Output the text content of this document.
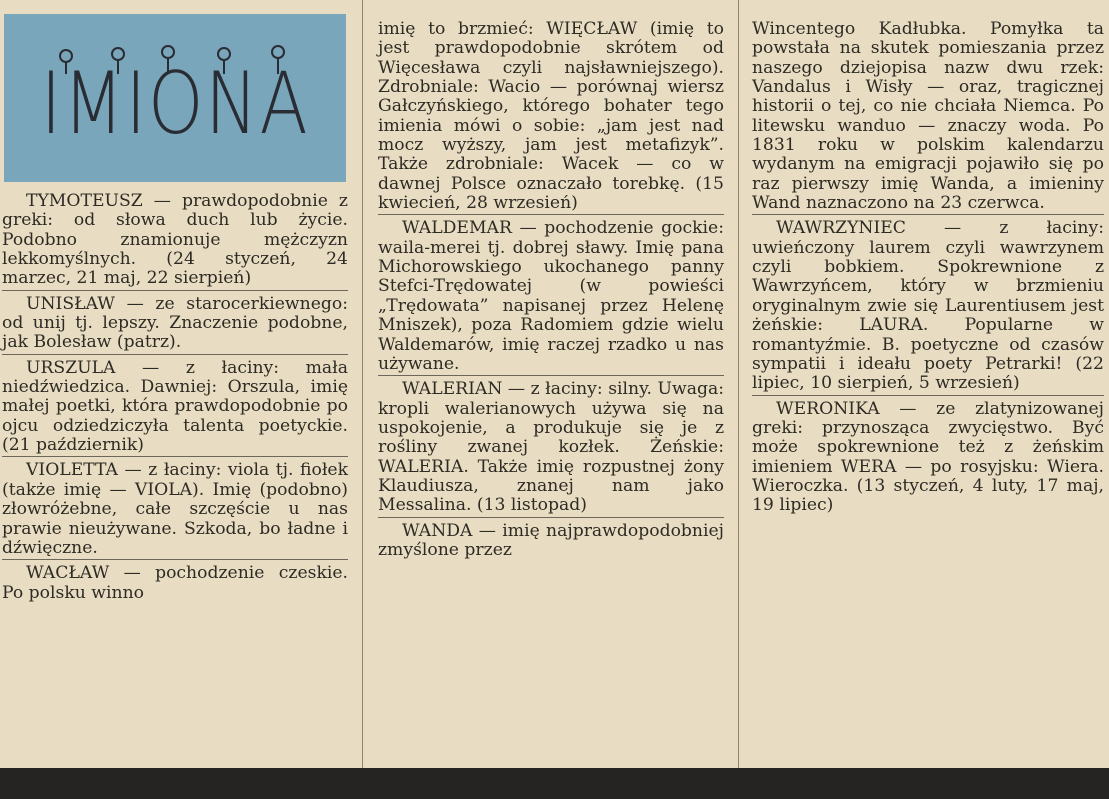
IMIONA

TYMOTEUSZ — prawdopodobnie z greki: od słowa duch lub życie. Podobno znamionuje mężczyzn lekkomyślnych. (24 styczeń, 24 marzec, 21 maj, 22 sierpień)

UNISŁAW — ze starocerkiewnego: od unij tj. lepszy. Znaczenie podobne, jak Bolesław (patrz).

URSZULA — z łaciny: mała niedźwiedzica. Dawniej: Orszula, imię małej poetki, która prawdopodobnie po ojcu odziedziczyła talenta poetyckie. (21 październik)

VIOLETTA — z łaciny: viola tj. fiołek (także imię — VIOLA). Imię (podobno) złowróżebne, całe szczęście u nas prawie nieużywane. Szkoda, bo ładne i dźwięczne.

WACŁAW — pochodzenie czeskie. Po polsku winno

imię to brzmieć: WIĘCŁAW (imię to jest prawdopodobnie skrótem od Więcesława czyli najsławniejszego). Zdrobniale: Wacio — porównaj wiersz Gałczyńskiego, którego bohater tego imienia mówi o sobie: „jam jest nad mocz wyższy, jam jest metafizyk”. Także zdrobniale: Wacek — co w dawnej Polsce oznaczało torebkę. (15 kwiecień, 28 wrzesień)

WALDEMAR — pochodzenie gockie: waila-merei tj. dobrej sławy. Imię pana Michorowskiego ukochanego panny Stefci-Trędowatej (w powieści „Trędowata” napisanej przez Helenę Mniszek), poza Radomiem gdzie wielu Waldemarów, imię raczej rzadko u nas używane.

WALERIAN — z łaciny: silny. Uwaga: kropli walerianowych używa się na uspokojenie, a produkuje się je z rośliny zwanej kozłek. Żeńskie: WALERIA. Także imię rozpustnej żony Klaudiusza, znanej nam jako Messalina. (13 listopad)

WANDA — imię najprawdopodobniej zmyślone przez

Wincentego Kadłubka. Pomyłka ta powstała na skutek pomieszania przez naszego dziejopisa nazw dwu rzek: Vandalus i Wisły — oraz, tragicznej historii o tej, co nie chciała Niemca. Po litewsku wanduo — znaczy woda. Po 1831 roku w polskim kalendarzu wydanym na emigracji pojawiło się po raz pierwszy imię Wanda, a imieniny Wand naznaczono na 23 czerwca.

WAWRZYNIEC — z łaciny: uwieńczony laurem czyli wawrzynem czyli bobkiem. Spokrewnione z Wawrzyńcem, który w brzmieniu oryginalnym zwie się Laurentiusem jest żeńskie: LAURA. Popularne w romantyźmie. B. poetyczne od czasów sympatii i ideału poety Petrarki! (22 lipiec, 10 sierpień, 5 wrzesień)

WERONIKA — ze zlatynizowanej greki: przynosząca zwycięstwo. Być może spokrewnione też z żeńskim imieniem WERA — po rosyjsku: Wiera. Wieroczka. (13 styczeń, 4 luty, 17 maj, 19 lipiec)
